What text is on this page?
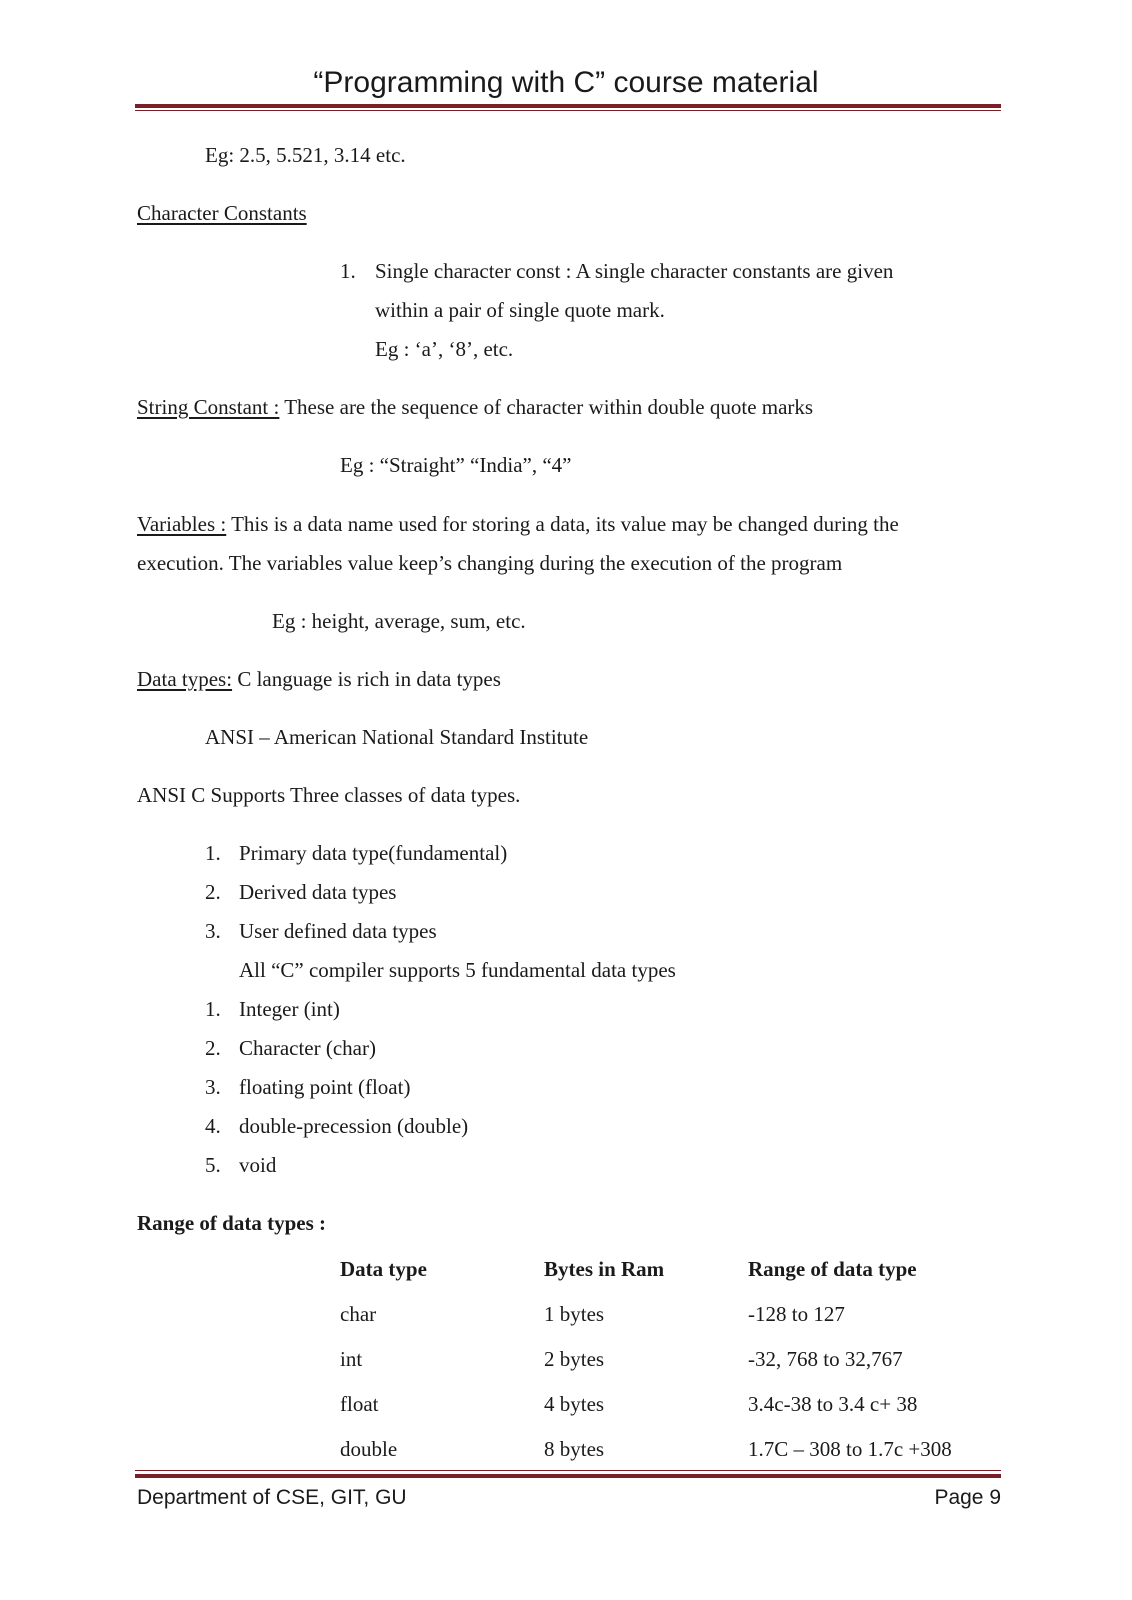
“Programming with C” course material
Eg: 2.5, 5.521, 3.14 etc.
Character Constants
1. Single character const : A single character constants are given
within a pair of single quote mark.
Eg : ‘a’, ‘8’, etc.
String Constant : These are the sequence of character within double quote marks
Eg : “Straight” “India”, “4”
Variables : This is a data name used for storing a data, its value may be changed during the
execution. The variables value keep’s changing during the execution of the program
Eg : height, average, sum, etc.
Data types: C language is rich in data types
ANSI – American National Standard Institute
ANSI C Supports Three classes of data types.
1. Primary data type(fundamental)
2. Derived data types
3. User defined data types
All “C” compiler supports 5 fundamental data types
1. Integer (int)
2. Character (char)
3. floating point (float)
4. double-precession (double)
5. void
Range of data types :
Data type	Bytes in Ram	Range of data type
char	1 bytes	-128 to 127
int	2 bytes	-32, 768 to 32,767
float	4 bytes	3.4c-38 to 3.4 c+ 38
double	8 bytes	1.7C – 308 to 1.7c +308
Department of CSE, GIT, GU	Page 9
